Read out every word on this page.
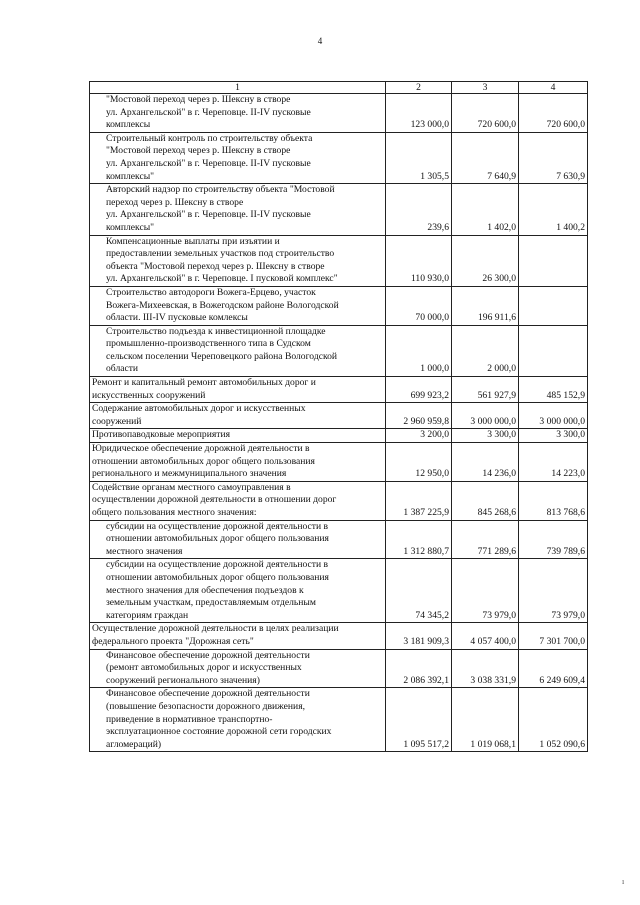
4
1	2	3	4
"Мостовой переход через р. Шексну в створе
ул. Архангельской" в г. Череповце. II-IV пусковые
комплексы	123 000,0	720 600,0	720 600,0
Строительный контроль по строительству объекта
"Мостовой переход через р. Шексну в створе
ул. Архангельской" в г. Череповце. II-IV пусковые
комплексы"	1 305,5	7 640,9	7 630,9
Авторский надзор по строительству объекта "Мостовой
переход через р. Шексну в створе
ул. Архангельской" в г. Череповце. II-IV пусковые
комплексы"	239,6	1 402,0	1 400,2
Компенсационные выплаты при изъятии и
предоставлении земельных участков под строительство
объекта "Мостовой переход через р. Шексну в створе
ул. Архангельской" в г. Череповце. I пусковой комплекс"	110 930,0	26 300,0	
Строительство автодороги Вожега-Ерцево, участок
Вожега-Михеевская, в Вожегодском районе Вологодской
области. III-IV пусковые комлексы	70 000,0	196 911,6	
Строительство подъезда к инвестиционной площадке
промышленно-производственного типа в Судском
сельском поселении Череповецкого района Вологодской
области	1 000,0	2 000,0	
Ремонт и капитальный ремонт автомобильных дорог и
искусственных сооружений	699 923,2	561 927,9	485 152,9
Содержание автомобильных дорог и искусственных
сооружений	2 960 959,8	3 000 000,0	3 000 000,0
Противопаводковые мероприятия	3 200,0	3 300,0	3 300,0
Юридическое обеспечение дорожной деятельности в
отношении автомобильных дорог общего пользования
регионального и межмуниципального значения	12 950,0	14 236,0	14 223,0
Содействие органам местного самоуправления в
осуществлении дорожной деятельности в отношении дорог
общего пользования местного значения:	1 387 225,9	845 268,6	813 768,6
субсидии на осуществление дорожной деятельности в
отношении автомобильных дорог общего пользования
местного значения	1 312 880,7	771 289,6	739 789,6
субсидии на осуществление дорожной деятельности в
отношении автомобильных дорог общего пользования
местного значения для обеспечения подъездов к
земельным участкам, предоставляемым отдельным
категориям граждан	74 345,2	73 979,0	73 979,0
Осуществление дорожной деятельности в целях реализации
федерального проекта "Дорожная сеть"	3 181 909,3	4 057 400,0	7 301 700,0
Финансовое обеспечение дорожной деятельности
(ремонт автомобильных дорог и искусственных
сооружений регионального значения)	2 086 392,1	3 038 331,9	6 249 609,4
Финансовое обеспечение дорожной деятельности
(повышение безопасности дорожного движения,
приведение в нормативное транспортно-
эксплуатационное состояние дорожной сети городских
агломераций)	1 095 517,2	1 019 068,1	1 052 090,6
ı
